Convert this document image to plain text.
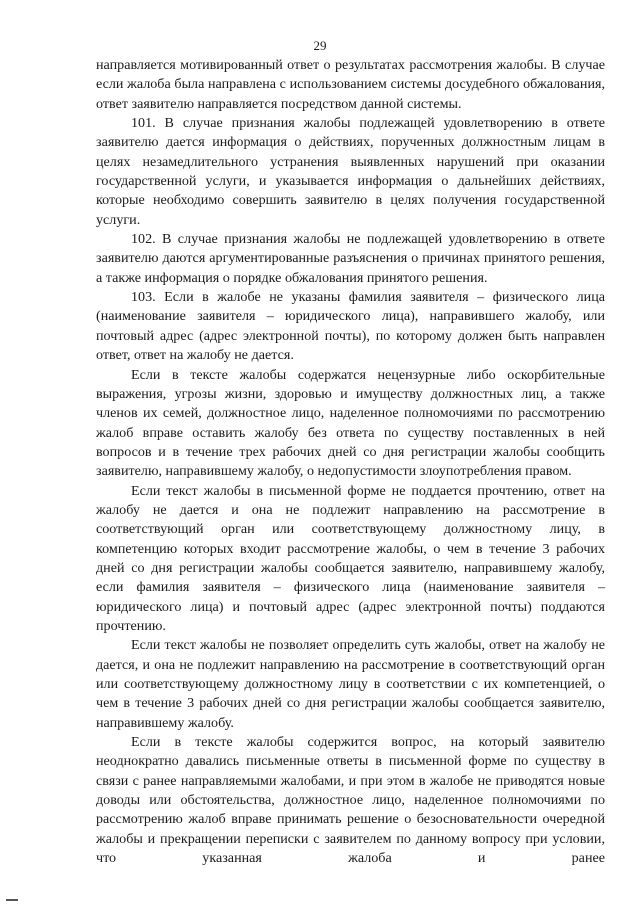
29

направляется мотивированный ответ о результатах рассмотрения жалобы. В случае если жалоба была направлена с использованием системы досудебного обжалования, ответ заявителю направляется посредством данной системы.

101. В случае признания жалобы подлежащей удовлетворению в ответе заявителю дается информация о действиях, порученных должностным лицам в целях незамедлительного устранения выявленных нарушений при оказании государственной услуги, и указывается информация о дальнейших действиях, которые необходимо совершить заявителю в целях получения государственной услуги.

102. В случае признания жалобы не подлежащей удовлетворению в ответе заявителю даются аргументированные разъяснения о причинах принятого решения, а также информация о порядке обжалования принятого решения.

103. Если в жалобе не указаны фамилия заявителя – физического лица (наименование заявителя – юридического лица), направившего жалобу, или почтовый адрес (адрес электронной почты), по которому должен быть направлен ответ, ответ на жалобу не дается.

Если в тексте жалобы содержатся нецензурные либо оскорбительные выражения, угрозы жизни, здоровью и имуществу должностных лиц, а также членов их семей, должностное лицо, наделенное полномочиями по рассмотрению жалоб вправе оставить жалобу без ответа по существу поставленных в ней вопросов и в течение трех рабочих дней со дня регистрации жалобы сообщить заявителю, направившему жалобу, о недопустимости злоупотребления правом.

Если текст жалобы в письменной форме не поддается прочтению, ответ на жалобу не дается и она не подлежит направлению на рассмотрение в соответствующий орган или соответствующему должностному лицу, в компетенцию которых входит рассмотрение жалобы, о чем в течение 3 рабочих дней со дня регистрации жалобы сообщается заявителю, направившему жалобу, если фамилия заявителя – физического лица (наименование заявителя – юридического лица) и почтовый адрес (адрес электронной почты) поддаются прочтению.

Если текст жалобы не позволяет определить суть жалобы, ответ на жалобу не дается, и она не подлежит направлению на рассмотрение в соответствующий орган или соответствующему должностному лицу в соответствии с их компетенцией, о чем в течение 3 рабочих дней со дня регистрации жалобы сообщается заявителю, направившему жалобу.

Если в тексте жалобы содержится вопрос, на который заявителю неоднократно давались письменные ответы в письменной форме по существу в связи с ранее направляемыми жалобами, и при этом в жалобе не приводятся новые доводы или обстоятельства, должностное лицо, наделенное полномочиями по рассмотрению жалоб вправе принимать решение о безосновательности очередной жалобы и прекращении переписки с заявителем по данному вопросу при условии, что указанная жалоба и ранее
